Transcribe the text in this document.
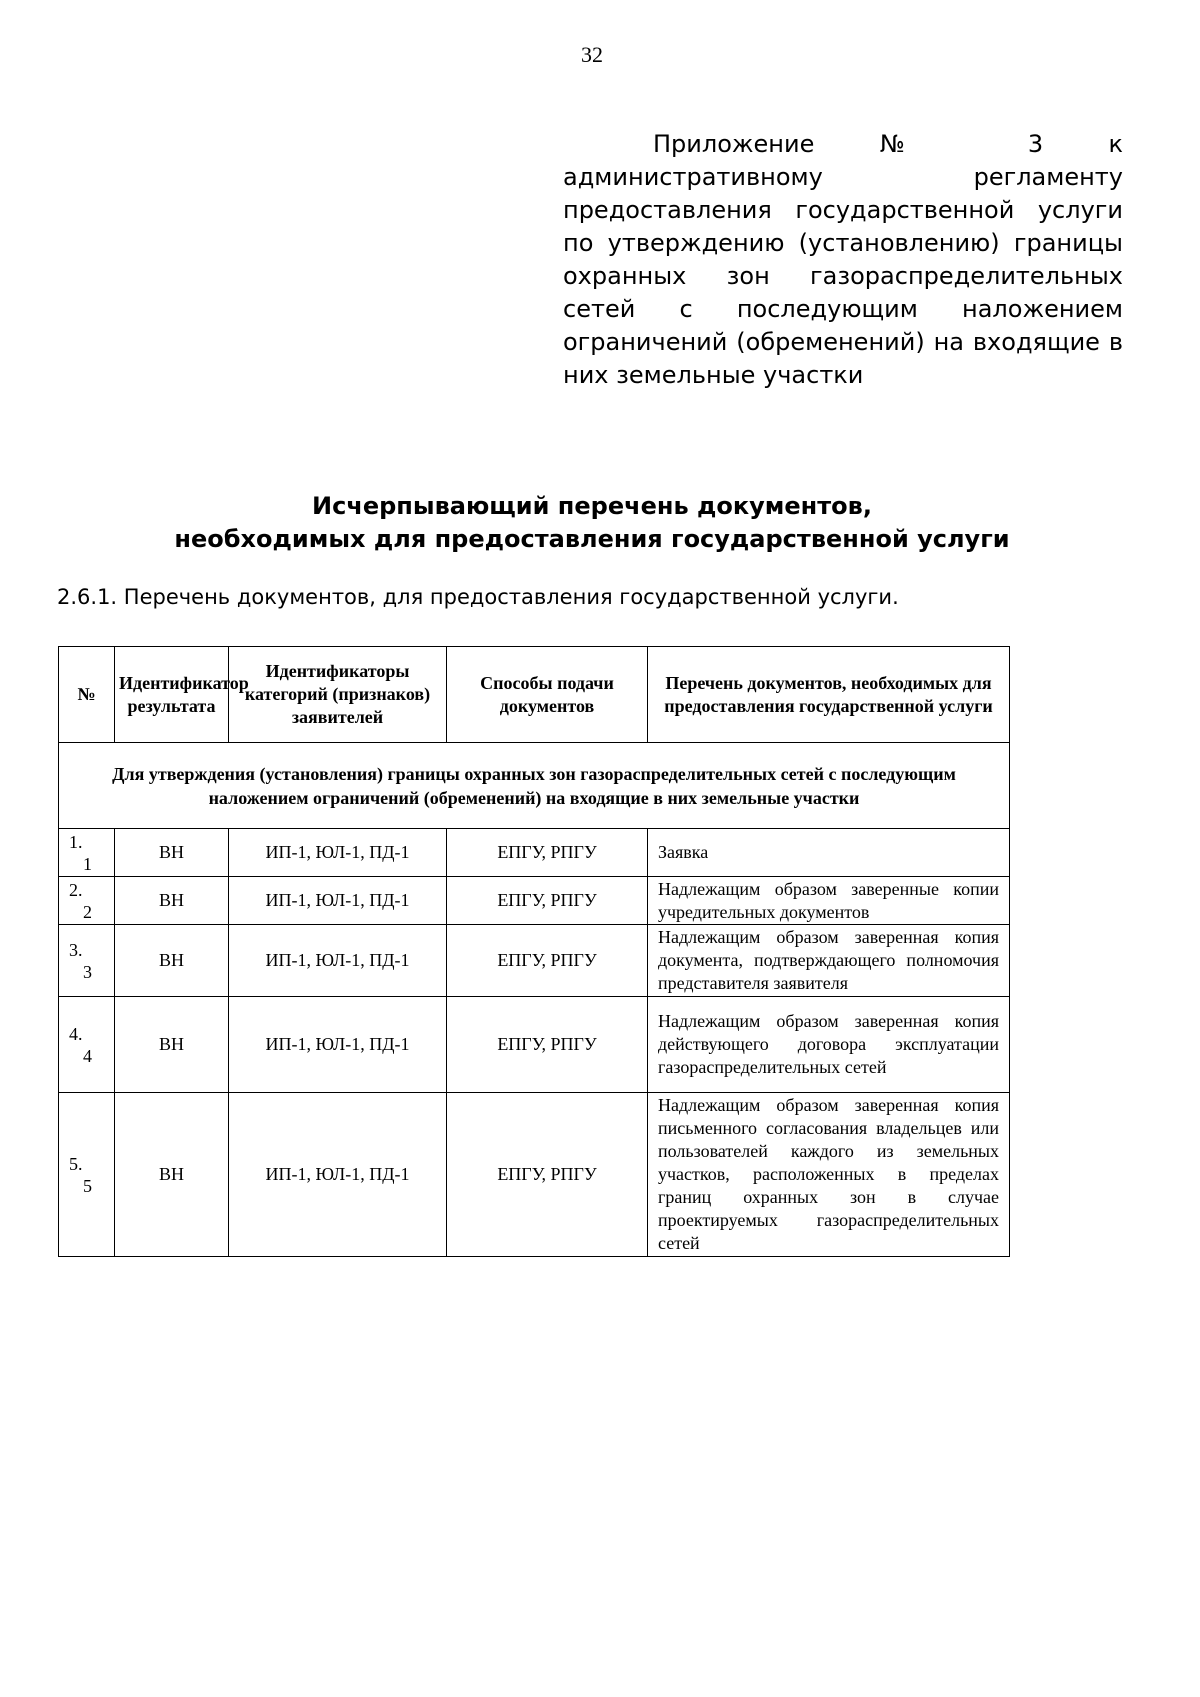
32
Приложение № 3 к административному регламенту предоставления государственной услуги по утверждению (установлению) границы охранных зон газораспределительных сетей с последующим наложением ограничений (обременений) на входящие в них земельные участки
Исчерпывающий перечень документов,
необходимых для предоставления государственной услуги
2.6.1. Перечень документов, для предоставления государственной услуги.
№	Идентификатор результата	Идентификаторы категорий (признаков) заявителей	Способы подачи документов	Перечень документов, необходимых для предоставления государственной услуги
Для утверждения (установления) границы охранных зон газораспределительных сетей с последующим наложением ограничений (обременений) на входящие в них земельные участки				

1.
1	ВН	ИП-1, ЮЛ-1, ПД-1	ЕПГУ, РПГУ	Заявка

2.
2	ВН	ИП-1, ЮЛ-1, ПД-1	ЕПГУ, РПГУ	Надлежащим образом заверенные копии учредительных документов

3.
3	ВН	ИП-1, ЮЛ-1, ПД-1	ЕПГУ, РПГУ	Надлежащим образом заверенная копия документа, подтверждающего полномочия представителя заявителя

4.
4	ВН	ИП-1, ЮЛ-1, ПД-1	ЕПГУ, РПГУ	Надлежащим образом заверенная копия действующего договора эксплуатации газораспределительных сетей

5.
5	ВН	ИП-1, ЮЛ-1, ПД-1	ЕПГУ, РПГУ	Надлежащим образом заверенная копия письменного согласования владельцев или пользователей каждого из земельных участков, расположенных в пределах границ охранных зон в случае проектируемых газораспределительных сетей
